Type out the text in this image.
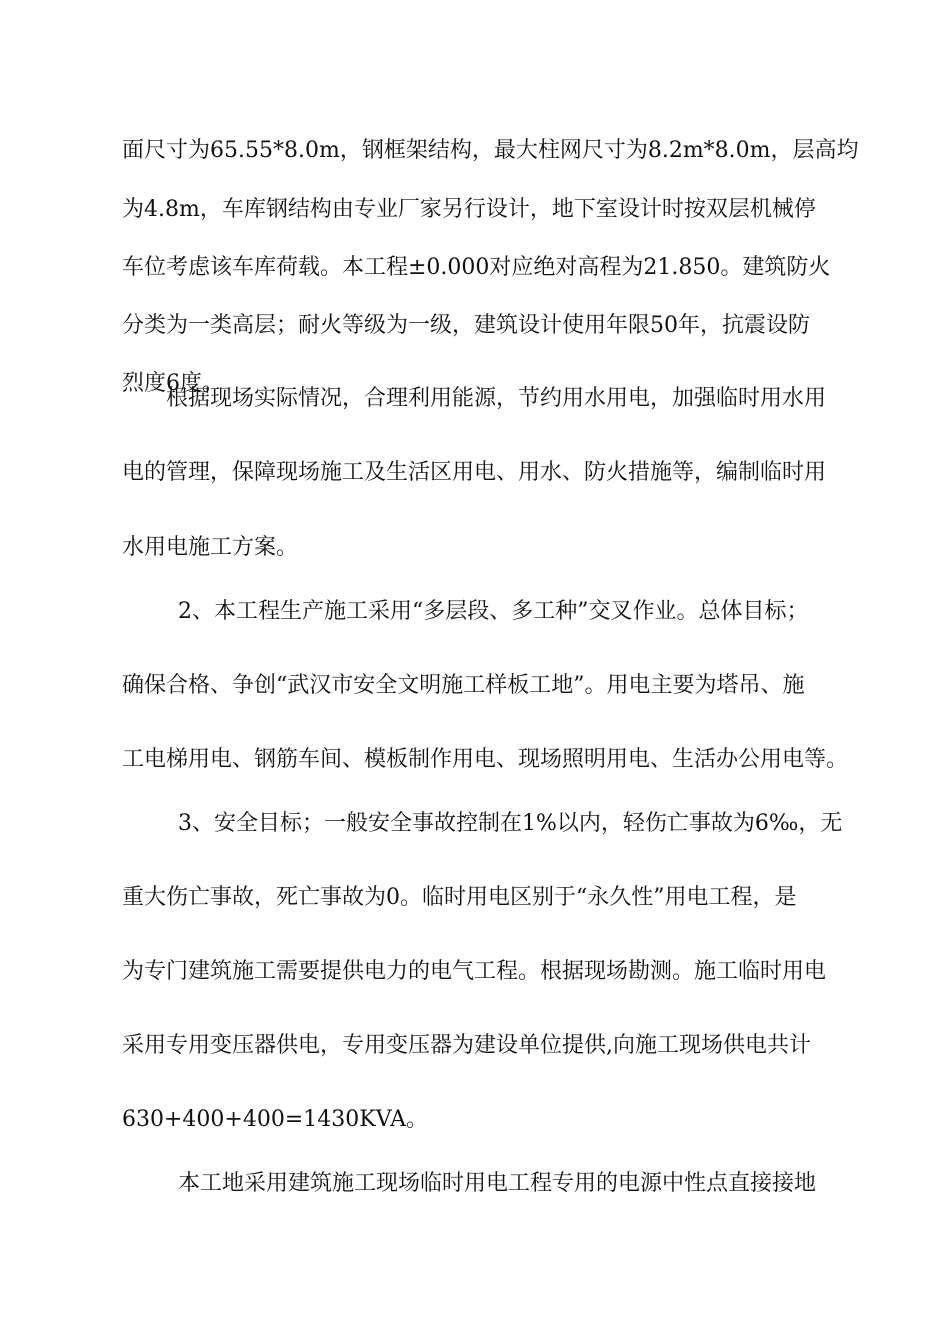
面尺寸为65.55*8.0m，钢框架结构，最大柱网尺寸为8.2m*8.0m，层高均
为4.8m，车库钢结构由专业厂家另行设计，地下室设计时按双层机械停
车位考虑该车库荷载。本工程±0.000对应绝对高程为21.850。建筑防火
分类为一类高层；耐火等级为一级，建筑设计使用年限50年，抗震设防
烈度6度。
根据现场实际情况，合理利用能源，节约用水用电，加强临时用水用
电的管理，保障现场施工及生活区用电、用水、防火措施等，编制临时用
水用电施工方案。
2、本工程生产施工采用“多层段、多工种”交叉作业。总体目标；
确保合格、争创“武汉市安全文明施工样板工地”。用电主要为塔吊、施
工电梯用电、钢筋车间、模板制作用电、现场照明用电、生活办公用电等。
3、安全目标；一般安全事故控制在1%以内，轻伤亡事故为6‰，无
重大伤亡事故，死亡事故为0。临时用电区别于“永久性”用电工程，是
为专门建筑施工需要提供电力的电气工程。根据现场勘测。施工临时用电
采用专用变压器供电，专用变压器为建设单位提供,向施工现场供电共计
630+400+400=1430KVA。
本工地采用建筑施工现场临时用电工程专用的电源中性点直接接地
